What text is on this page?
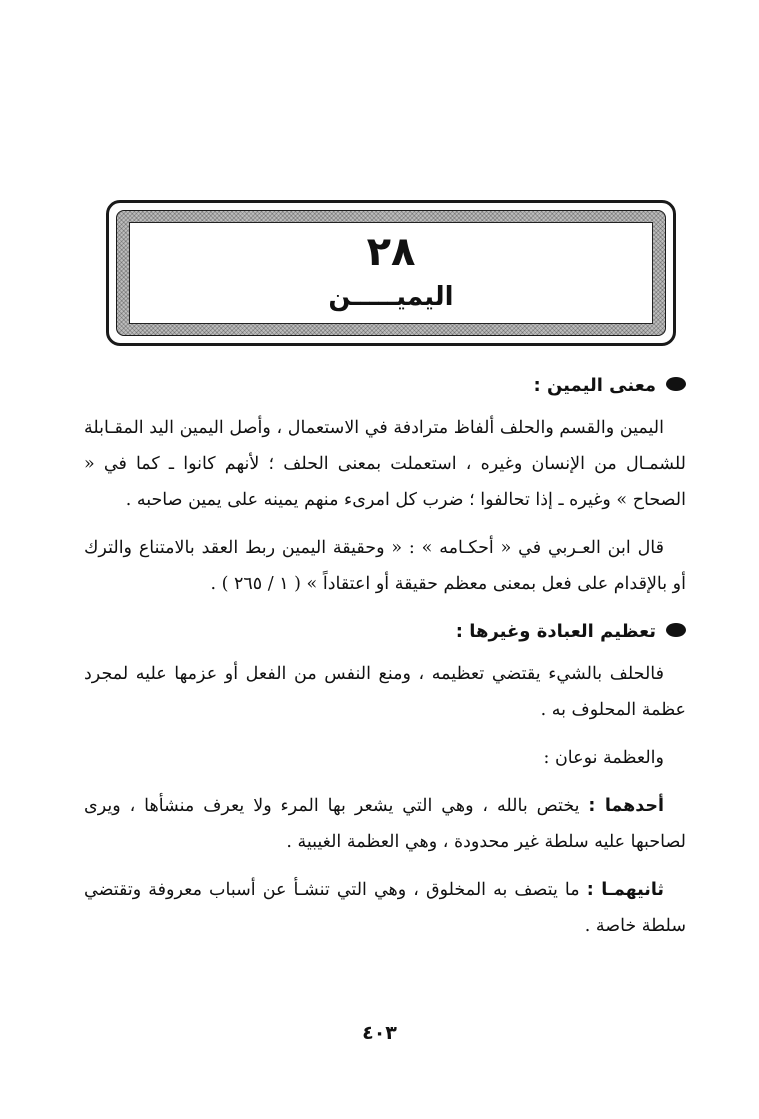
٢٨
اليميـــــن
معنى اليمين :

اليمين والقسم والحلف ألفاظ مترادفة في الاستعمال ، وأصل اليمين اليد المقـابلة للشمـال من الإنسان وغيره ، استعملت بمعنى الحلف ؛ لأنهم كانوا ـ كما في « الصحاح » وغيره ـ إذا تحالفوا ؛ ضرب كل امرىء منهم يمينه على يمين صاحبه .

قال ابن العـربي في « أحكـامه » : « وحقيقة اليمين ربط العقد بالامتناع والترك أو بالإقدام على فعل بمعنى معظم حقيقة أو اعتقاداً » ( ١ / ٢٦٥ ) .

تعظيم العبادة وغيرها :

فالحلف بالشيء يقتضي تعظيمه ، ومنع النفس من الفعل أو عزمها عليه لمجرد عظمة المحلوف به .

والعظمة نوعان :

أحدهما : يختص بالله ، وهي التي يشعر بها المرء ولا يعرف منشأها ، ويرى لصاحبها عليه سلطة غير محدودة ، وهي العظمة الغيبية .

ثانيهمـا : ما يتصف به المخلوق ، وهي التي تنشـأ عن أسباب معروفة وتقتضي سلطة خاصة .

٤٠٣
